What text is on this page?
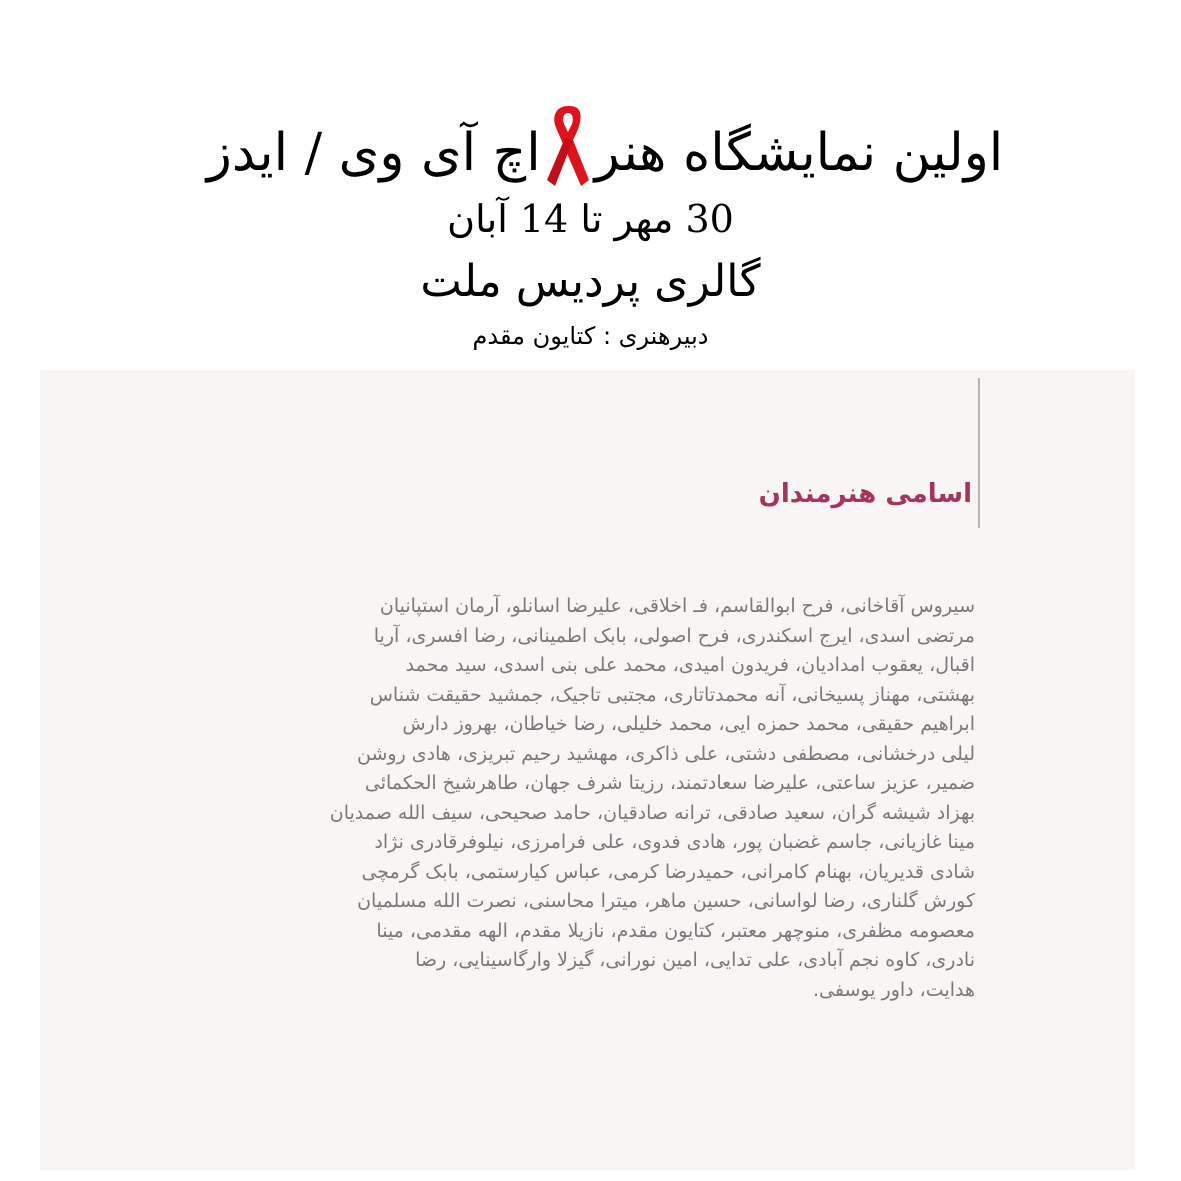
اولین نمایشگاه هنراچ آی وی / ایدز
30 مهر تا 14 آبان
گالری پردیس ملت
دبیرهنری : کتایون مقدم
اسامی هنرمندان
سیروس آقاخانی، فرح ابوالقاسم، فـ اخلاقی، علیرضا اسانلو، آرمان استپانیان
مرتضی اسدی، ایرج اسکندری، فرح اصولی، بابک اطمینانی، رضا افسری، آریا
اقبال، یعقوب امدادیان، فریدون امیدی، محمد علی بنی اسدی، سید محمد
بهشتی، مهناز پسیخانی، آنه محمدتاتاری، مجتبی تاجیک، جمشید حقیقت شناس
ابراهیم حقیقی، محمد حمزه ایی، محمد خلیلی، رضا خیاطان، بهروز دارش
لیلی درخشانی، مصطفی دشتی، علی ذاکری، مهشید رحیم تبریزی، هادی روشن
ضمیر، عزیز ساعتی، علیرضا سعادتمند، رزیتا شرف جهان، طاهرشیخ الحکمائی
بهزاد شیشه گران، سعید صادقی، ترانه صادقیان، حامد صحیحی، سیف الله صمدیان
مینا غازیانی، جاسم غضبان پور، هادی فدوی، علی فرامرزی، نیلوفرقادری نژاد
شادی قدیریان، بهنام کامرانی، حمیدرضا کرمی، عباس کیارستمی، بابک گرمچی
کورش گلناری، رضا لواسانی، حسین ماهر، میترا محاسنی، نصرت الله مسلمیان
معصومه مظفری، منوچهر معتبر، کتایون مقدم، نازیلا مقدم، الهه مقدمی، مینا
نادری، کاوه نجم آبادی، علی تدایی، امین نورانی، گیزلا وارگاسینایی، رضا
هدایت، داور یوسفی.
